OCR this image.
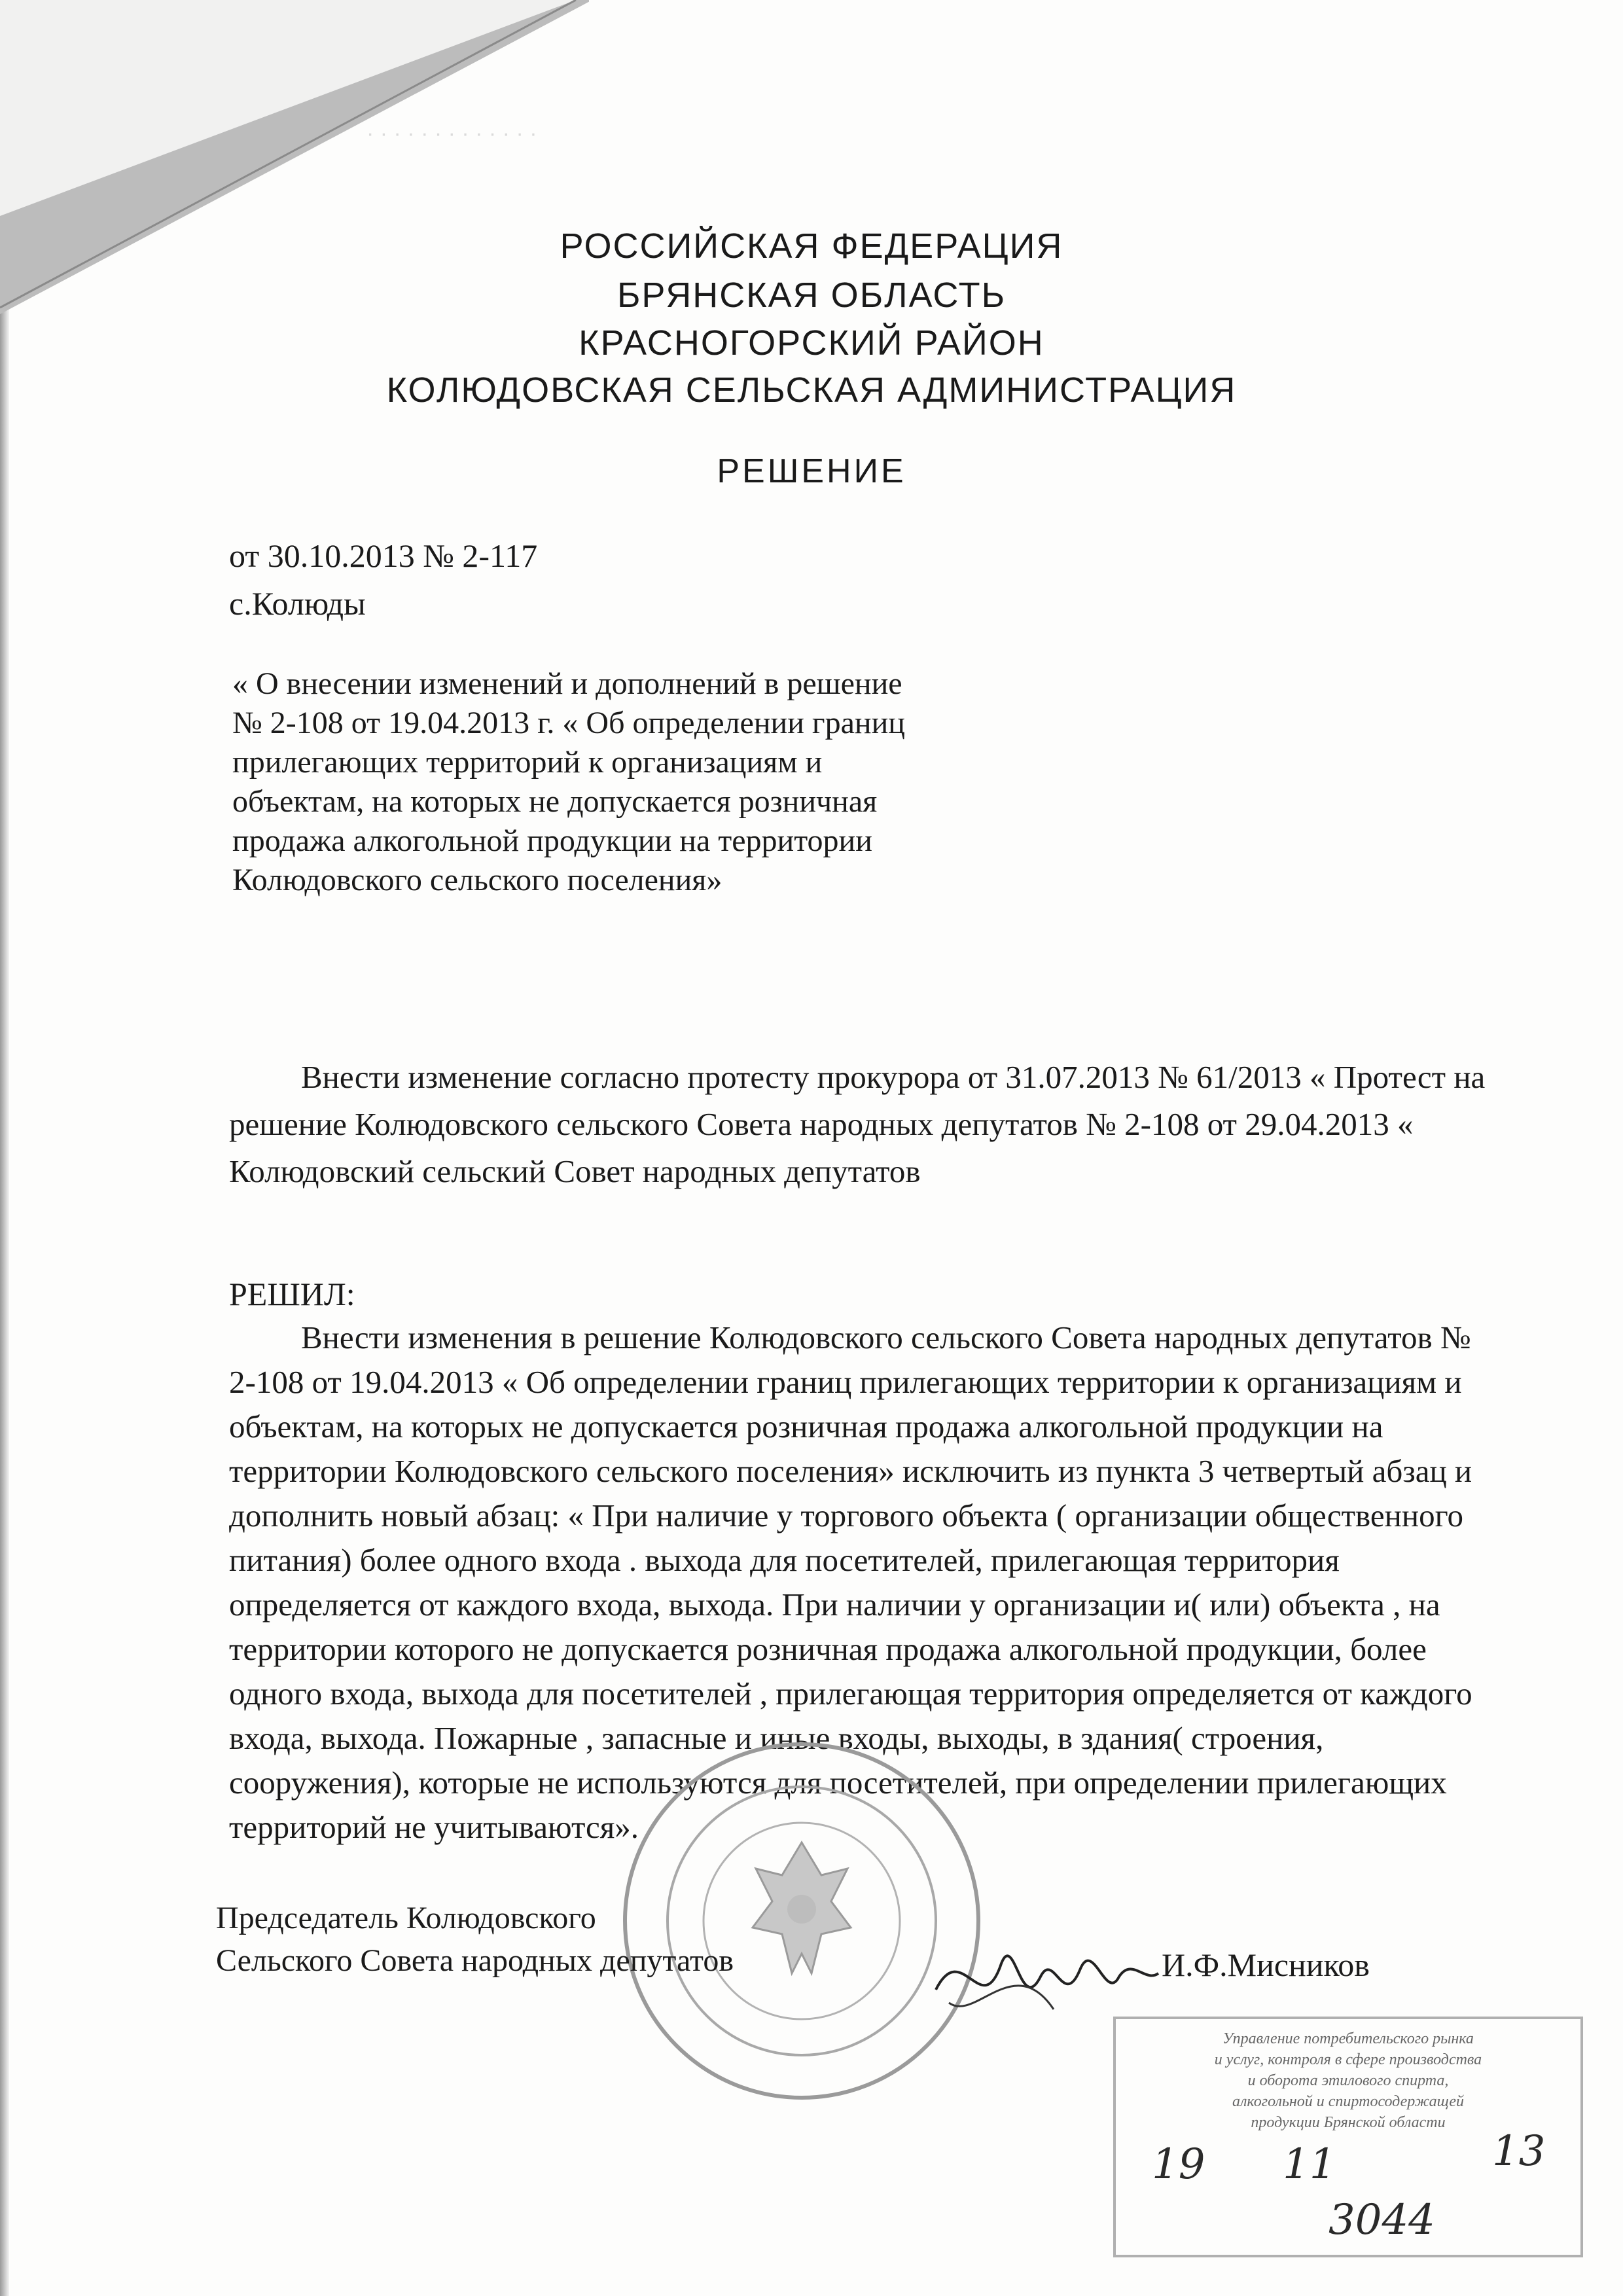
· · · · · · · · · · · · ·
РОССИЙСКАЯ ФЕДЕРАЦИЯ
БРЯНСКАЯ ОБЛАСТЬ
КРАСНОГОРСКИЙ РАЙОН
КОЛЮДОВСКАЯ СЕЛЬСКАЯ АДМИНИСТРАЦИЯ
РЕШЕНИЕ
от 30.10.2013 № 2-117
с.Колюды
« О внесении изменений и дополнений в решение № 2-108 от 19.04.2013 г. « Об определении границ прилегающих территорий к организациям и объектам, на которых не допускается розничная продажа алкогольной продукции на территории Колюдовского сельского поселения»
Внести изменение согласно протесту прокурора от 31.07.2013 № 61/2013 « Протест на решение Колюдовского сельского Совета народных депутатов № 2-108 от 29.04.2013 « Колюдовский сельский Совет народных депутатов
РЕШИЛ:
Внести изменения в решение Колюдовского сельского Совета народных депутатов № 2-108 от 19.04.2013 « Об определении границ прилегающих территории к организациям и объектам, на которых не допускается розничная продажа алкогольной продукции на территории Колюдовского сельского поселения» исключить из пункта 3 четвертый абзац и дополнить новый абзац: « При наличие у торгового объекта ( организации общественного питания) более одного входа . выхода для посетителей, прилегающая территория определяется от каждого входа, выхода. При наличии у организации и( или) объекта , на территории которого не допускается розничная продажа алкогольной продукции, более одного входа, выхода для посетителей , прилегающая территория определяется от каждого входа, выхода. Пожарные , запасные и иные входы, выходы, в здания( строения, сооружения), которые не используются для посетителей, при определении прилегающих территорий не учитываются».
Председатель Колюдовского
Сельского Совета народных депутатов	И.Ф.Мисников
Управление потребительского рынка
и услуг, контроля в сфере производства
и оборота этилового спирта,
алкогольной и спиртосодержащей
продукции Брянской области
19 11	13
3044
